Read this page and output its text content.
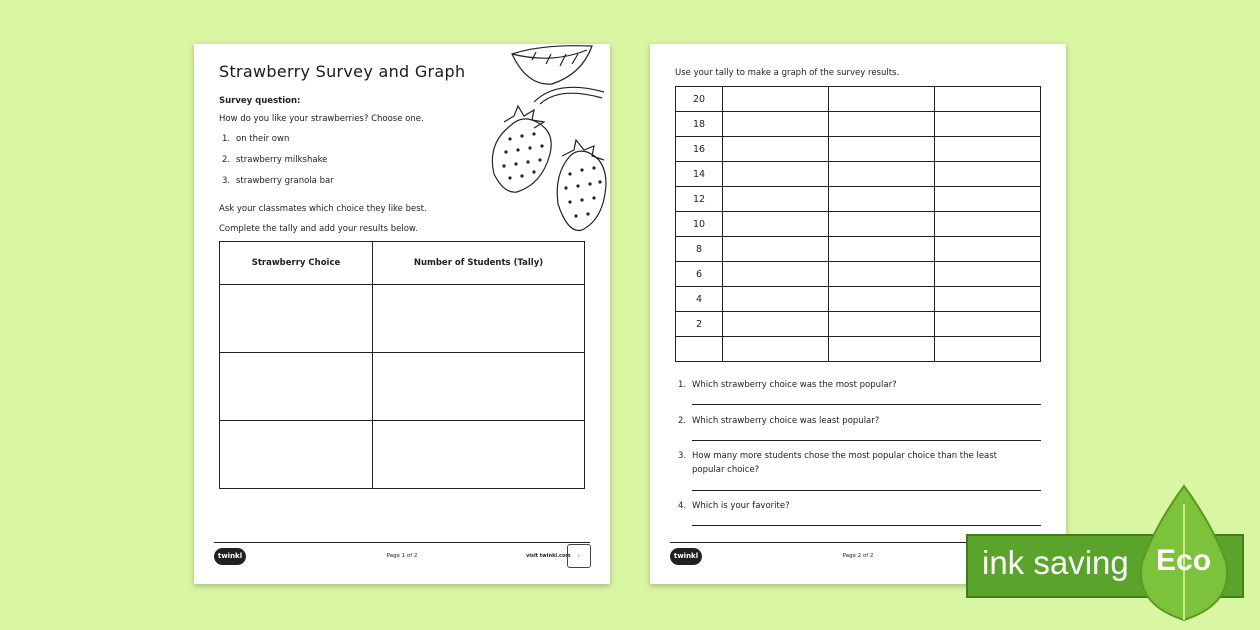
Strawberry Survey and Graph
Survey question:
How do you like your strawberries? Choose one.
1. on their own
2. strawberry milkshake
3. strawberry granola bar
Ask your classmates which choice they like best.
Complete the tally and add your results below.
Strawberry Choice	Number of Students (Tally)

twinkl	Page 1 of 2	visit twinkl.com	✓
Use your tally to make a graph of the survey results.
20			
18			
16			
14			
12			
10			
8			
6			
4			
2			

1. Which strawberry choice was the most popular?
2. Which strawberry choice was least popular?
3. How many more students chose the most popular choice than the least popular choice?
4. Which is your favorite?
twinkl	Page 2 of 2	ink saving Eco
